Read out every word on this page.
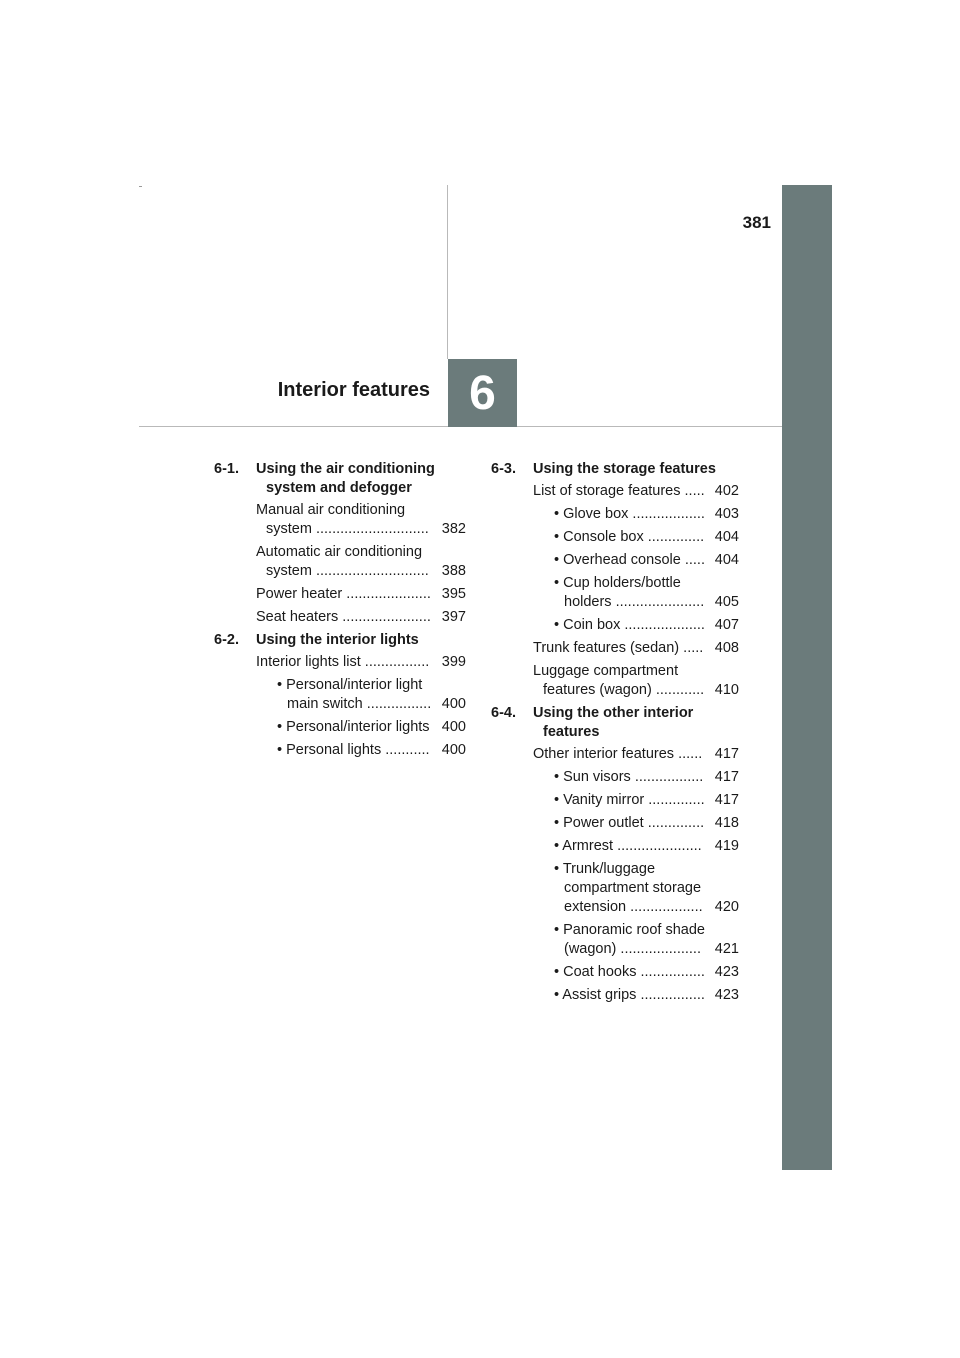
381
6
Interior features
6-1. Using the air conditioning system and defogger
Manual air conditioning system ............................ 382
Automatic air conditioning system ............................ 388
Power heater ..................... 395
Seat heaters ...................... 397
6-2. Using the interior lights
Interior lights list ................ 399
• Personal/interior light main switch ................ 400
• Personal/interior lights 400
• Personal lights ........... 400
6-3. Using the storage features
List of storage features ..... 402
• Glove box .................. 403
• Console box .............. 404
• Overhead console ..... 404
• Cup holders/bottle holders ...................... 405
• Coin box .................... 407
Trunk features (sedan) ..... 408
Luggage compartment features (wagon) ............ 410
6-4. Using the other interior features
Other interior features ...... 417
• Sun visors ................. 417
• Vanity mirror .............. 417
• Power outlet .............. 418
• Armrest ..................... 419
• Trunk/luggage compartment storage extension .................. 420
• Panoramic roof shade (wagon) .................... 421
• Coat hooks ................ 423
• Assist grips ................ 423
